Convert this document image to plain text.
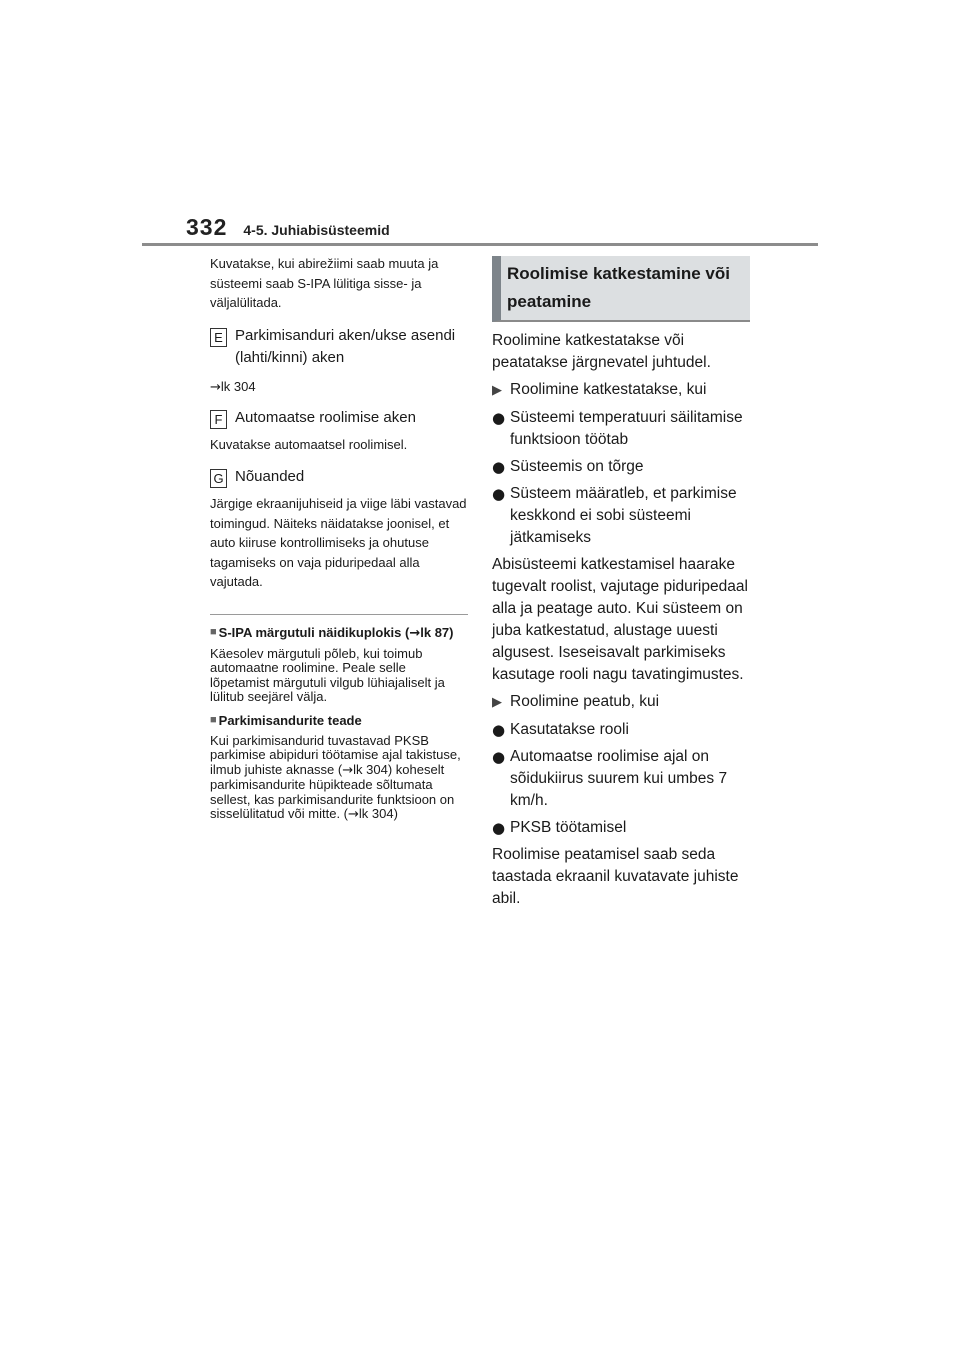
332 4-5. Juhiabisüsteemid

Kuvatakse, kui abirežiimi saab muuta ja süsteemi saab S-IPA lülitiga sisse- ja väljalülitada.

E Parkimisanduri aken/ukse asendi (lahti/kinni) aken

→lk 304

F Automaatse roolimise aken

Kuvatakse automaatsel roolimisel.

G Nõuanded

Järgige ekraanijuhiseid ja viige läbi vastavad toimingud. Näiteks näidatakse joonisel, et auto kiiruse kontrollimiseks ja ohutuse tagamiseks on vaja piduripedaal alla vajutada.

■ S-IPA märgutuli näidikuplokis (→lk 87)

Käesolev märgutuli põleb, kui toimub automaatne roolimine. Peale selle lõpetamist märgutuli vilgub lühiajaliselt ja lülitub seejärel välja.

■ Parkimisandurite teade

Kui parkimisandurid tuvastavad PKSB parkimise abipiduri töötamise ajal takistuse, ilmub juhiste aknasse (→lk 304) koheselt parkimisandurite hüpikteade sõltumata sellest, kas parkimisandurite funktsioon on sisselülitatud või mitte. (→lk 304)

Roolimise katkestamine või peatamine

Roolimine katkestatakse või peatatakse järgnevatel juhtudel.

▶ Roolimine katkestatakse, kui
● Süsteemi temperatuuri säilitamise funktsioon töötab
● Süsteemis on tõrge
● Süsteem määratleb, et parkimise keskkond ei sobi süsteemi jätkamiseks

Abisüsteemi katkestamisel haarake tugevalt roolist, vajutage piduripedaal alla ja peatage auto. Kui süsteem on juba katkestatud, alustage uuesti algusest. Iseseisavalt parkimiseks kasutage rooli nagu tavatingimustes.

▶ Roolimine peatub, kui
● Kasutatakse rooli
● Automaatse roolimise ajal on sõidukiirus suurem kui umbes 7 km/h.
● PKSB töötamisel

Roolimise peatamisel saab seda taastada ekraanil kuvatavate juhiste abil.
